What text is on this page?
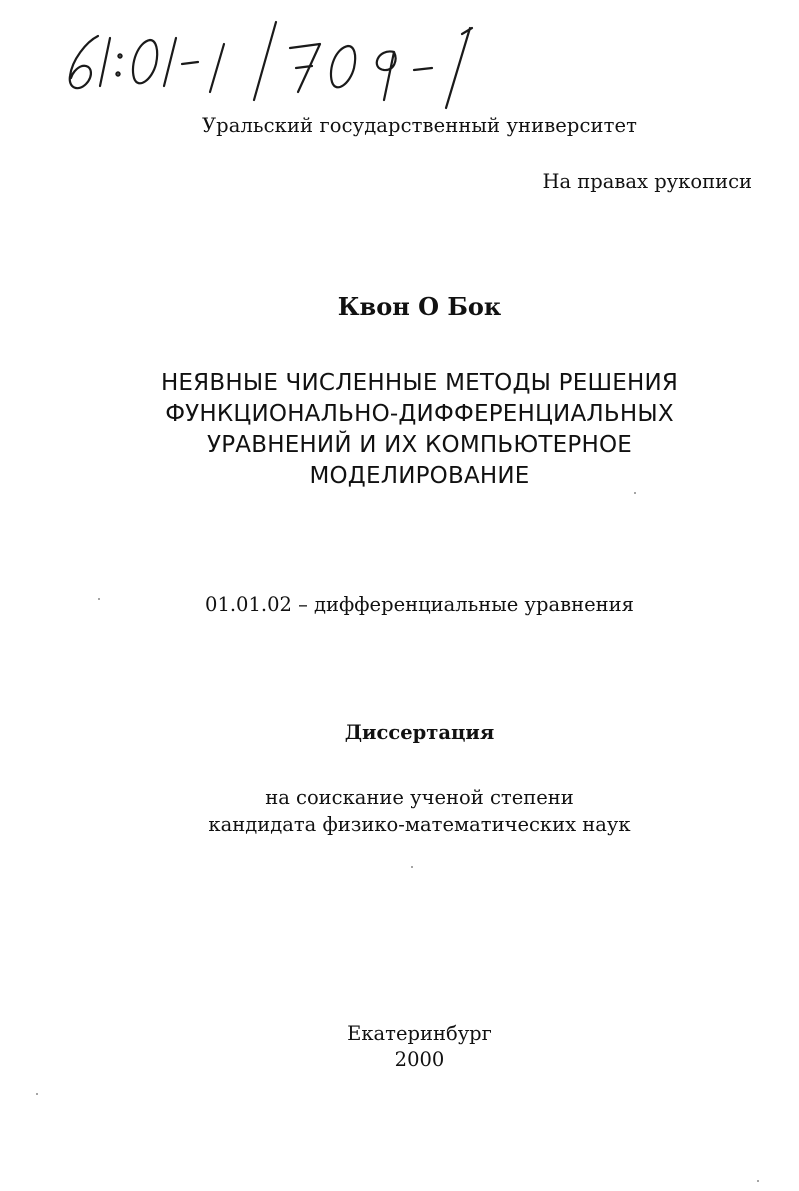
Уральский государственный университет
На правах рукописи
Квон О Бок
НЕЯВНЫЕ ЧИСЛЕННЫЕ МЕТОДЫ РЕШЕНИЯ
ФУНКЦИОНАЛЬНО-ДИФФЕРЕНЦИАЛЬНЫХ
УРАВНЕНИЙ И ИХ КОМПЬЮТЕРНОЕ
МОДЕЛИРОВАНИЕ
01.01.02 – дифференциальные уравнения
Диссертация
на соискание ученой степени
кандидата физико-математических наук
Екатеринбург
2000
